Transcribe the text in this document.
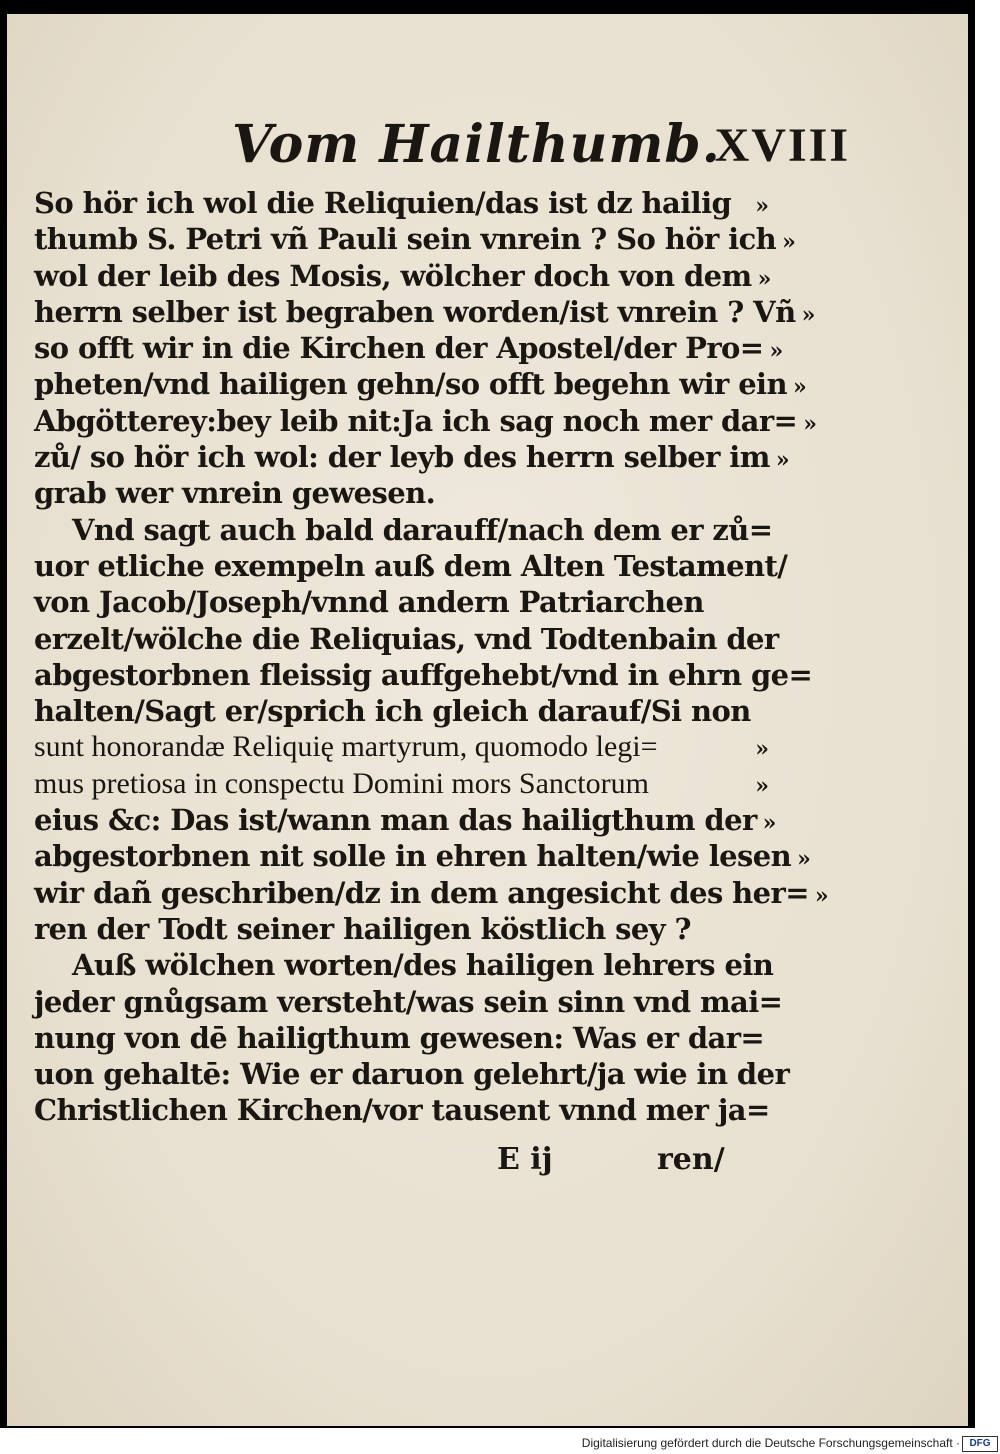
Vom Hailthumb.
XVIII
So hör ich wol die Reliquien/das ist dz hailig »
thumb S. Petri vñ Pauli sein vnrein ? So hör ich »
wol der leib des Mosis, wölcher doch von dem »
herrn selber ist begraben worden/ist vnrein ? Vñ »
so offt wir in die Kirchen der Apostel/der Pro= »
pheten/vnd hailigen gehn/so offt begehn wir ein »
Abgötterey:bey leib nit:Ja ich sag noch mer dar= »
zů/ so hör ich wol: der leyb des herrn selber im »
grab wer vnrein gewesen.
Vnd sagt auch bald darauff/nach dem er zů=
uor etliche exempeln auß dem Alten Testament/
von Jacob/Joseph/vnnd andern Patriarchen
erzelt/wölche die Reliquias, vnd Todtenbain der
abgestorbnen fleissig auffgehebt/vnd in ehrn ge=
halten/Sagt er/sprich ich gleich darauf/Si non
sunt honorandæ Reliquię martyrum, quomodo legi=	»
mus pretiosa in conspectu Domini mors Sanctorum	»
eius &c: Das ist/wann man das hailigthum der »
abgestorbnen nit solle in ehren halten/wie lesen »
wir dañ geschriben/dz in dem angesicht des her= »
ren der Todt seiner hailigen köstlich sey ?
Auß wölchen worten/des hailigen lehrers ein
jeder gnůgsam versteht/was sein sinn vnd mai=
nung von dē hailigthum gewesen: Was er dar=
uon gehaltē: Wie er daruon gelehrt/ja wie in der
Christlichen Kirchen/vor tausent vnnd mer ja=
E ij	ren/
Digitalisierung gefördert durch die Deutsche Forschungsgemeinschaft · DFG
